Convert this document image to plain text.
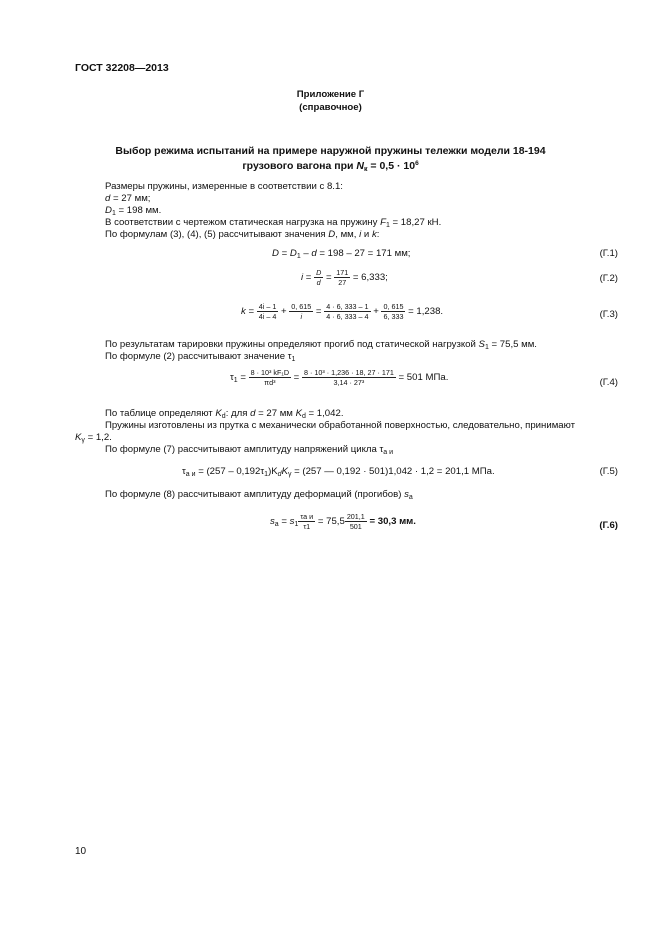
ГОСТ 32208—2013
Приложение Г
(справочное)
Выбор режима испытаний на примере наружной пружины тележки модели 18-194
грузового вагона при $N_к = 0,5 \cdot 10^6$
Размеры пружины, измеренные в соответствии с 8.1:
d = 27 мм;
$D_1 = 198$ мм.
В соответствии с чертежом статическая нагрузка на пружину $F_1 = 18,27$ кН.
По формулам (3), (4), (5) рассчитывают значения D, мм, i и k:
$D = D_1 - d = 198 - 27 = 171$ мм;	(Г.1)
$i = \frac{D}{d} = \frac{171}{27} = 6,333$;	(Г.2)
$k = \frac{4i - 1}{4i - 4} + \frac{0, 615}{i} = \frac{4 \cdot 6, 333 - 1}{4 \cdot 6, 333 - 4} + \frac{0, 615}{6, 333} = 1,238$.	(Г.3)
По результатам тарировки пружины определяют прогиб под статической нагрузкой $S_1 = 75,5$ мм.
По формуле (2) рассчитывают значение $\tau_1$
$\tau_1 = \frac{\text{8 · 10³ kF₁D}}{\text{πd³}} = \frac{\text{8 · 10³ · 1,236 · 18, 27 · 171}}{\text{3,14 · 27³}} = 501$ МПа.	(Г.4)
По таблице определяют $K_d$: для d = 27 мм $K_d = 1,042$.
Пружины изготовлены из прутка с механически обработанной поверхностью, следовательно, принимают
$K_\gamma = 1,2$.
По формуле (7) рассчитывают амплитуду напряжений цикла $\tau_{а и}$
$\tau_{а и} = (257 - 0,192\tau_1)K_dK_\gamma = (257$ — 0,192 · 501)1,042 · 1,2 = 201,1 МПа.	(Г.5)
По формуле (8) рассчитывают амплитуду деформаций (прогибов) $s_a$
$s_a = s_1$
τа и
$\tau 1 = 75,5 \frac{201,1}{501} = 30,3$ мм.	(Г.6)
10
